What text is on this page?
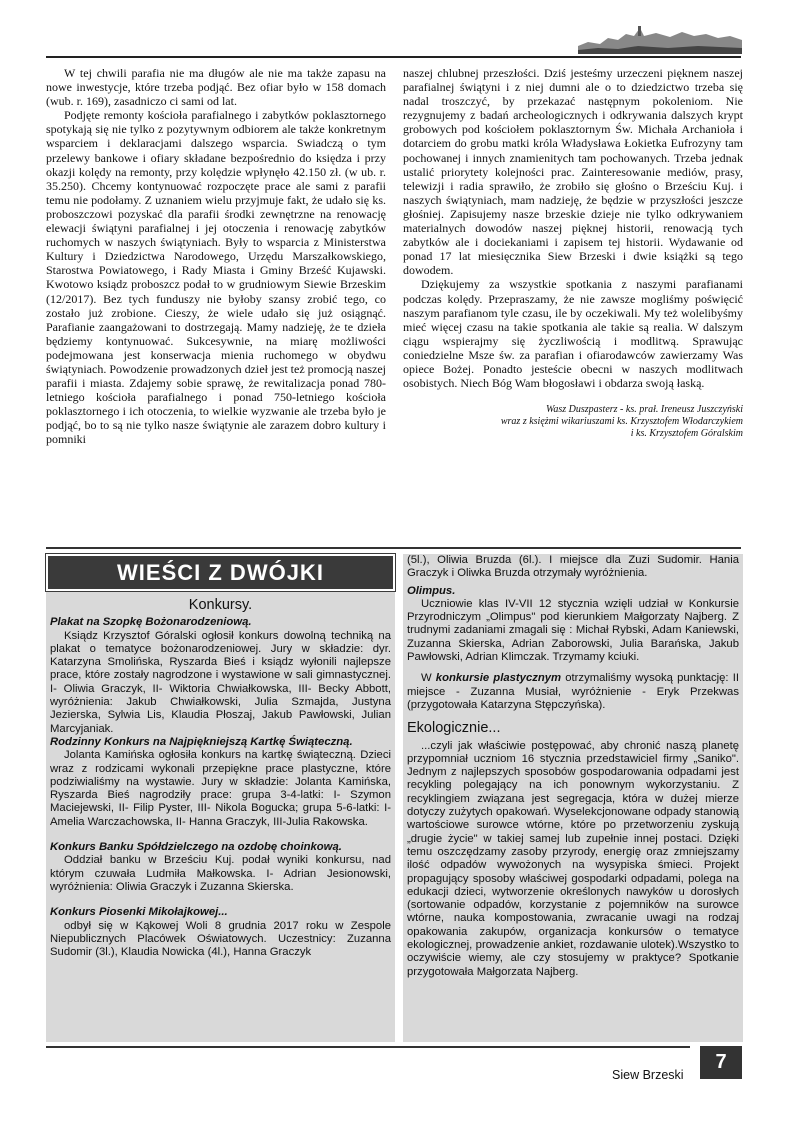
W tej chwili parafia nie ma długów ale nie ma także zapasu na nowe inwestycje, które trzeba podjąć. Bez ofiar było w 158 domach (wub. r. 169), zasadniczo ci sami od lat.

Podjęte remonty kościoła parafialnego i zabytków poklasztornego spotykają się nie tylko z pozytywnym odbiorem ale także konkretnym wsparciem i deklaracjami dalszego wsparcia. Swiadczą o tym przelewy bankowe i ofiary składane bezpośrednio do księdza i przy okazji kolędy na remonty, przy kolędzie wpłynęło 42.150 zł. (w ub. r. 35.250). Chcemy kontynuować rozpoczęte prace ale sami z parafii temu nie podołamy. Z uznaniem wielu przyjmuje fakt, że udało się ks. proboszczowi pozyskać dla parafii środki zewnętrzne na renowację elewacji świątyni parafialnej i jej otoczenia i renowację zabytków ruchomych w naszych świątyniach. Były to wsparcia z Ministerstwa Kultury i Dziedzictwa Narodowego, Urzędu Marszałkowskiego, Starostwa Powiatowego, i Rady Miasta i Gminy Brześć Kujawski. Kwotowo ksiądz proboszcz podał to w grudniowym Siewie Brzeskim (12/2017). Bez tych funduszy nie byłoby szansy zrobić tego, co zostało już zrobione. Cieszy, że wiele udało się już osiągnąć. Parafianie zaangażowani to dostrzegają. Mamy nadzieję, że te dzieła będziemy kontynuować. Sukcesywnie, na miarę możliwości podejmowana jest konserwacja mienia ruchomego w obydwu świątyniach. Powodzenie prowadzonych dzieł jest też promocją naszej parafii i miasta. Zdajemy sobie sprawę, że rewitalizacja ponad 780-letniego kościoła parafialnego i ponad 750-letniego kościoła poklasztornego i ich otoczenia, to wielkie wyzwanie ale trzeba było je podjąć, bo to są nie tylko nasze świątynie ale zarazem dobro kultury i pomniki

naszej chlubnej przeszłości. Dziś jesteśmy urzeczeni pięknem naszej parafialnej świątyni i z niej dumni ale o to dziedzictwo trzeba się nadal troszczyć, by przekazać następnym pokoleniom. Nie rezygnujemy z badań archeologicznych i odkrywania dalszych krypt grobowych pod kościołem poklasztornym Św. Michała Archanioła i dotarciem do grobu matki króla Władysława Łokietka Eufrozyny tam pochowanej i innych znamienitych tam pochowanych. Trzeba jednak ustalić priorytety kolejności prac. Zainteresowanie mediów, prasy, telewizji i radia sprawiło, że zrobiło się głośno o Brześciu Kuj. i naszych świątyniach, mam nadzieję, że będzie w przyszłości jeszcze głośniej. Zapisujemy nasze brzeskie dzieje nie tylko odkrywaniem materialnych dowodów naszej pięknej historii, renowacją tych zabytków ale i dociekaniami i zapisem tej historii. Wydawanie od ponad 17 lat miesięcznika Siew Brzeski i dwie książki są tego dowodem.

Dziękujemy za wszystkie spotkania z naszymi parafianami podczas kolędy. Przepraszamy, że nie zawsze mogliśmy poświęcić naszym parafianom tyle czasu, ile by oczekiwali. My też wolelibyśmy mieć więcej czasu na takie spotkania ale takie są realia. W dalszym ciągu wspierajmy się życzliwością i modlitwą. Sprawując coniedzielne Msze św. za parafian i ofiarodawców zawierzamy Was opiece Bożej. Ponadto jesteście obecni w naszych modlitwach osobistych. Niech Bóg Wam błogosławi i obdarza swoją łaską.

Wasz Duszpasterz - ks. prał. Ireneusz Juszczyński
wraz z księżmi wikariuszami ks. Krzysztofem Włodarczykiem
i ks. Krzysztofem Góralskim
WIEŚCI Z DWÓJKI
Konkursy.

Plakat na Szopkę Bożonarodzeniową.

Ksiądz Krzysztof Góralski ogłosił konkurs dowolną techniką na plakat o tematyce bożonarodzeniowej. Jury w składzie: dyr. Katarzyna Smolińska, Ryszarda Bieś i ksiądz wyłonili najlepsze prace, które zostały nagrodzone i wystawione w sali gimnastycznej. I- Oliwia Graczyk, II- Wiktoria Chwiałkowska, III- Becky Abbott, wyróżnienia: Jakub Chwiałkowski, Julia Szmajda, Justyna Jezierska, Sylwia Lis, Klaudia Płoszaj, Jakub Pawłowski, Julian Marcyjaniak.

Rodzinny Konkurs na Najpiękniejszą Kartkę Świąteczną.

Jolanta Kamińska ogłosiła konkurs na kartkę świąteczną. Dzieci wraz z rodzicami wykonali przepiękne prace plastyczne, które podziwialiśmy na wystawie. Jury w składzie: Jolanta Kamińska, Ryszarda Bieś nagrodziły prace: grupa 3-4-latki: I- Szymon Maciejewski, II- Filip Pyster, III- Nikola Bogucka; grupa 5-6-latki: I- Amelia Warczachowska, II- Hanna Graczyk, III-Julia Rakowska.

Konkurs Banku Spółdzielczego na ozdobę choinkową.

Oddział banku w Brześciu Kuj. podał wyniki konkursu, nad którym czuwała Ludmiła Małkowska. I- Adrian Jesionowski, wyróżnienia: Oliwia Graczyk i Zuzanna Skierska.

Konkurs Piosenki Mikołajkowej...

odbył się w Kąkowej Woli 8 grudnia 2017 roku w Zespole Niepublicznych Placówek Oświatowych. Uczestnicy: Zuzanna Sudomir (3l.), Klaudia Nowicka (4l.), Hanna Graczyk

(5l.), Oliwia Bruzda (6l.). I miejsce dla Zuzi Sudomir. Hania Graczyk i Oliwka Bruzda otrzymały wyróżnienia.

Olimpus.

Uczniowie klas IV-VII 12 stycznia wzięli udział w Konkursie Przyrodniczym „Olimpus" pod kierunkiem Małgorzaty Najberg. Z trudnymi zadaniami zmagali się : Michał Rybski, Adam Kaniewski, Zuzanna Skierska, Adrian Zaborowski, Julia Barańska, Jakub Pawłowski, Adrian Klimczak. Trzymamy kciuki.

W konkursie plastycznym otrzymaliśmy wysoką punktację: II miejsce - Zuzanna Musiał, wyróżnienie - Eryk Przekwas (przygotowała Katarzyna Stępczyńska).

Ekologicznie...

...czyli jak właściwie postępować, aby chronić naszą planetę przypomniał uczniom 16 stycznia przedstawiciel firmy „Saniko". Jednym z najlepszych sposobów gospodarowania odpadami jest recykling polegający na ich ponownym wykorzystaniu. Z recyklingiem związana jest segregacja, która w dużej mierze dotyczy zużytych opakowań. Wyselekcjonowane odpady stanowią wartościowe surowce wtórne, które po przetworzeniu zyskują „drugie życie" w takiej samej lub zupełnie innej postaci. Dzięki temu oszczędzamy zasoby przyrody, energię oraz zmniejszamy ilość odpadów wywożonych na wysypiska śmieci. Projekt propagujący sposoby właściwej gospodarki odpadami, polega na edukacji dzieci, wytworzenie określonych nawyków u dorosłych (sortowanie odpadów, korzystanie z pojemników na surowce wtórne, nauka kompostowania, zwracanie uwagi na rodzaj opakowania zakupów, organizacja konkursów o tematyce ekologicznej, prowadzenie ankiet, rozdawanie ulotek).Wszystko to oczywiście wiemy, ale czy stosujemy w praktyce? Spotkanie przygotowała Małgorzata Najberg.

Siew Brzeski
7
